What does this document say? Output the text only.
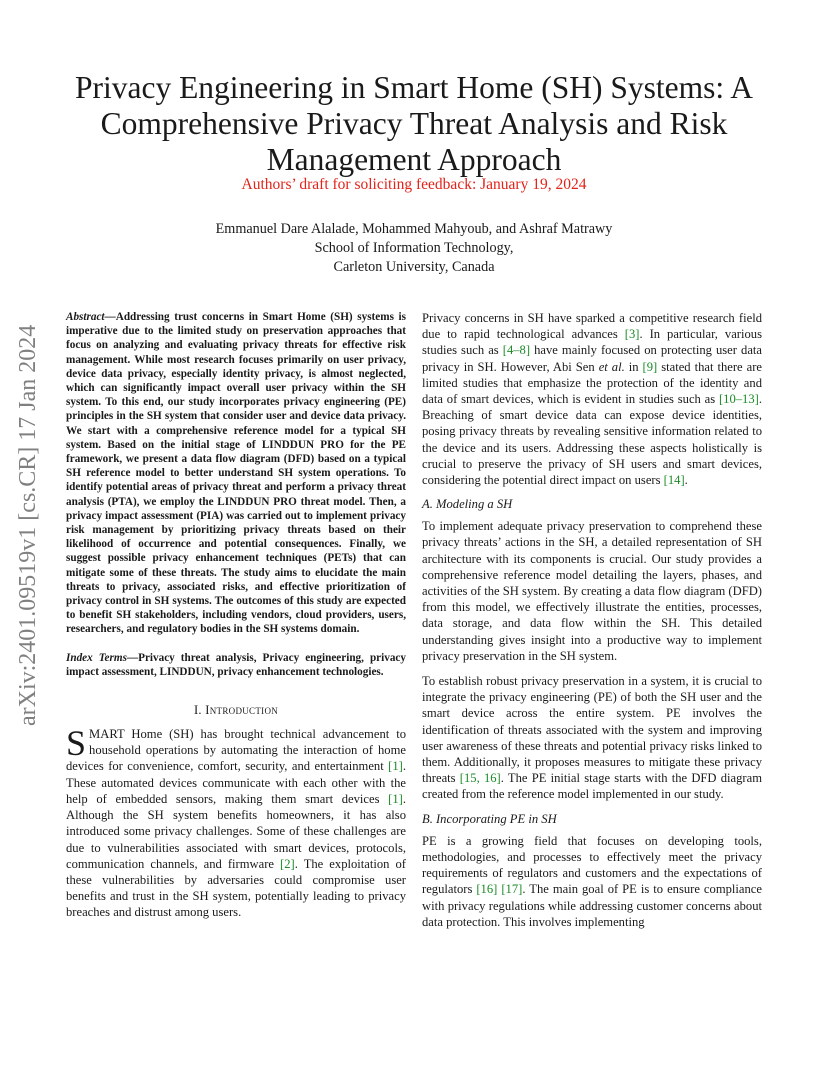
Privacy Engineering in Smart Home (SH) Systems: A Comprehensive Privacy Threat Analysis and Risk Management Approach
Authors’ draft for soliciting feedback: January 19, 2024
Emmanuel Dare Alalade, Mohammed Mahyoub, and Ashraf Matrawy
School of Information Technology,
Carleton University, Canada
arXiv:2401.09519v1 [cs.CR] 17 Jan 2024

Abstract—Addressing trust concerns in Smart Home (SH) systems is imperative due to the limited study on preservation approaches that focus on analyzing and evaluating privacy threats for effective risk management. While most research focuses primarily on user privacy, device data privacy, especially identity privacy, is almost neglected, which can significantly impact overall user privacy within the SH system. To this end, our study incorporates privacy engineering (PE) principles in the SH system that consider user and device data privacy. We start with a comprehensive reference model for a typical SH system. Based on the initial stage of LINDDUN PRO for the PE framework, we present a data flow diagram (DFD) based on a typical SH reference model to better understand SH system operations. To identify potential areas of privacy threat and perform a privacy threat analysis (PTA), we employ the LINDDUN PRO threat model. Then, a privacy impact assessment (PIA) was carried out to implement privacy risk management by prioritizing privacy threats based on their likelihood of occurrence and potential consequences. Finally, we suggest possible privacy enhancement techniques (PETs) that can mitigate some of these threats. The study aims to elucidate the main threats to privacy, associated risks, and effective prioritization of privacy control in SH systems. The outcomes of this study are expected to benefit SH stakeholders, including vendors, cloud providers, users, researchers, and regulatory bodies in the SH systems domain.

Index Terms—Privacy threat analysis, Privacy engineering, privacy impact assessment, LINDDUN, privacy enhancement technologies.
I. Introduction

SMART Home (SH) has brought technical advancement to household operations by automating the interaction of home devices for convenience, comfort, security, and entertainment [1]. These automated devices communicate with each other with the help of embedded sensors, making them smart devices [1]. Although the SH system benefits homeowners, it has also introduced some privacy challenges. Some of these challenges are due to vulnerabilities associated with smart devices, protocols, communication channels, and firmware [2]. The exploitation of these vulnerabilities by adversaries could compromise user benefits and trust in the SH system, potentially leading to privacy breaches and distrust among users.

Privacy concerns in SH have sparked a competitive research field due to rapid technological advances [3]. In particular, various studies such as [4–8] have mainly focused on protecting user data privacy in SH. However, Abi Sen et al. in [9] stated that there are limited studies that emphasize the protection of the identity and data of smart devices, which is evident in studies such as [10–13]. Breaching of smart device data can expose device identities, posing privacy threats by revealing sensitive information related to the device and its users. Addressing these aspects holistically is crucial to preserve the privacy of SH users and smart devices, considering the potential direct impact on users [14].

A. Modeling a SH

To implement adequate privacy preservation to comprehend these privacy threats’ actions in the SH, a detailed representation of SH architecture with its components is crucial. Our study provides a comprehensive reference model detailing the layers, phases, and activities of the SH system. By creating a data flow diagram (DFD) from this model, we effectively illustrate the entities, processes, data storage, and data flow within the SH. This detailed understanding gives insight into a productive way to implement privacy preservation in the SH system.

To establish robust privacy preservation in a system, it is crucial to integrate the privacy engineering (PE) of both the SH user and the smart device across the entire system. PE involves the identification of threats associated with the system and improving user awareness of these threats and potential privacy risks linked to them. Additionally, it proposes measures to mitigate these privacy threats [15, 16]. The PE initial stage starts with the DFD diagram created from the reference model implemented in our study.

B. Incorporating PE in SH

PE is a growing field that focuses on developing tools, methodologies, and processes to effectively meet the privacy requirements of regulators and customers and the expectations of regulators [16] [17]. The main goal of PE is to ensure compliance with privacy regulations while addressing customer concerns about data protection. This involves implementing
